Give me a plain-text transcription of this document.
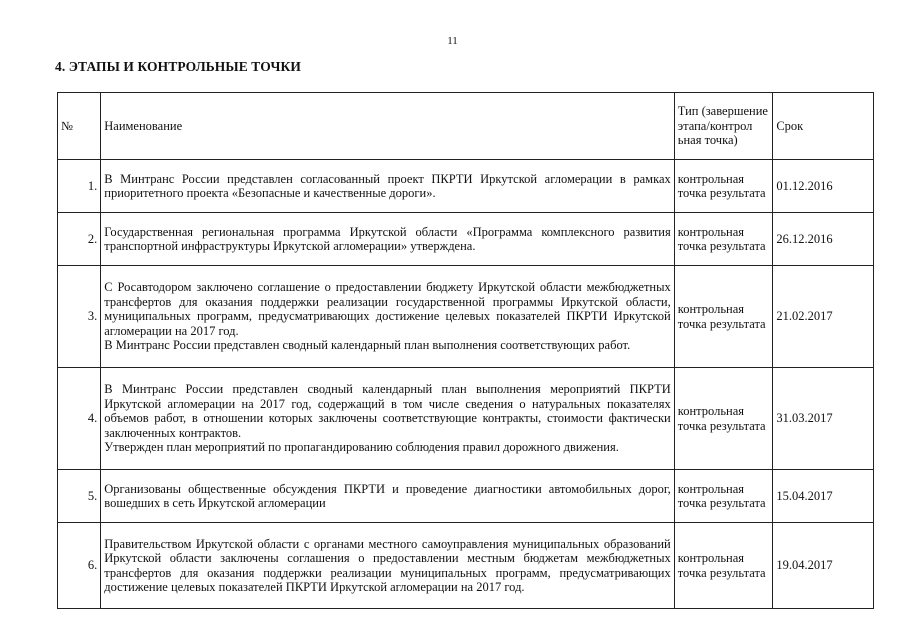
11
4. ЭТАПЫ И КОНТРОЛЬНЫЕ ТОЧКИ
№	Наименование	Тип (завершение этапа/контрол ьная точка)	Срок
1.	В Минтранс России представлен согласованный проект ПКРТИ Иркутской агломерации в рамках приоритетного проекта «Безопасные и качественные дороги».	контрольная точка результата	01.12.2016
2.	Государственная региональная программа Иркутской области «Программа комплексного развития транспортной инфраструктуры Иркутской агломерации» утверждена.	контрольная точка результата	26.12.2016
3.	С Росавтодором заключено соглашение о предоставлении бюджету Иркутской области межбюджетных трансфертов для оказания поддержки реализации государственной программы Иркутской области, муниципальных программ, предусматривающих достижение целевых показателей ПКРТИ Иркутской агломерации на 2017 год.

В Минтранс России представлен сводный календарный план выполнения соответствующих работ.	контрольная точка результата	21.02.2017
4.	В Минтранс России представлен сводный календарный план выполнения мероприятий ПКРТИ Иркутской агломерации на 2017 год, содержащий в том числе сведения о натуральных показателях объемов работ, в отношении которых заключены соответствующие контракты, стоимости фактически заключенных контрактов.

Утвержден план мероприятий по пропагандированию соблюдения правил дорожного движения.	контрольная точка результата	31.03.2017
5.	Организованы общественные обсуждения ПКРТИ и проведение диагностики автомобильных дорог, вошедших в сеть Иркутской агломерации	контрольная точка результата	15.04.2017
6.	Правительством Иркутской области с органами местного самоуправления муниципальных образований Иркутской области заключены соглашения о предоставлении местным бюджетам межбюджетных трансфертов для оказания поддержки реализации муниципальных программ, предусматривающих достижение целевых показателей ПКРТИ Иркутской агломерации на 2017 год.	контрольная точка результата	19.04.2017
